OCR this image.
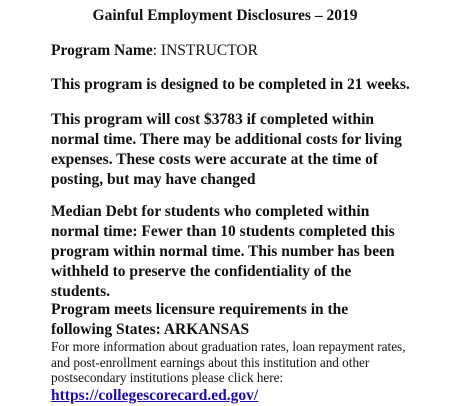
Gainful Employment Disclosures – 2019
Program Name: INSTRUCTOR
This program is designed to be completed in 21 weeks.
This program will cost $3783 if completed within normal time. There may be additional costs for living expenses. These costs were accurate at the time of posting, but may have changed
Median Debt for students who completed within normal time: Fewer than 10 students completed this program within normal time. This number has been withheld to preserve the confidentiality of the students.
Program meets licensure requirements in the following States: ARKANSAS
For more information about graduation rates, loan repayment rates, and post-enrollment earnings about this institution and other postsecondary institutions please click here:
https://collegescorecard.ed.gov/
